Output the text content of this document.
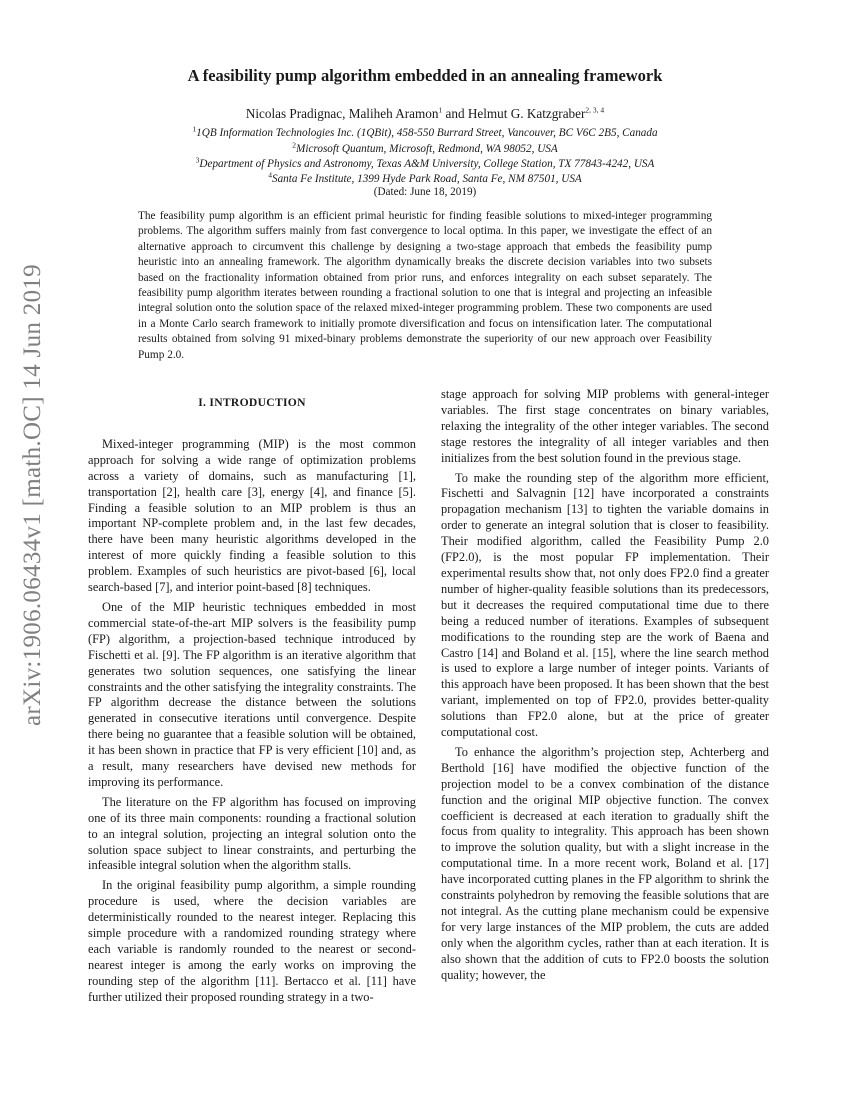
arXiv:1906.06434v1 [math.OC] 14 Jun 2019
A feasibility pump algorithm embedded in an annealing framework
Nicolas Pradignac, Maliheh Aramon$^1$ and Helmut G. Katzgraber$^{2, 3, 4}$
$^1$1QB Information Technologies Inc. (1QBit), 458-550 Burrard Street, Vancouver, BC V6C 2B5, Canada
$^2$Microsoft Quantum, Microsoft, Redmond, WA 98052, USA
$^3$Department of Physics and Astronomy, Texas A&M University, College Station, TX 77843-4242, USA
$^4$Santa Fe Institute, 1399 Hyde Park Road, Santa Fe, NM 87501, USA
(Dated: June 18, 2019)
The feasibility pump algorithm is an efficient primal heuristic for finding feasible solutions to mixed-integer programming problems. The algorithm suffers mainly from fast convergence to local optima. In this paper, we investigate the effect of an alternative approach to circumvent this challenge by designing a two-stage approach that embeds the feasibility pump heuristic into an annealing framework. The algorithm dynamically breaks the discrete decision variables into two subsets based on the fractionality information obtained from prior runs, and enforces integrality on each subset separately. The feasibility pump algorithm iterates between rounding a fractional solution to one that is integral and projecting an infeasible integral solution onto the solution space of the relaxed mixed-integer programming problem. These two components are used in a Monte Carlo search framework to initially promote diversification and focus on intensification later. The computational results obtained from solving 91 mixed-binary problems demonstrate the superiority of our new approach over Feasibility Pump 2.0.
I. INTRODUCTION

Mixed-integer programming (MIP) is the most common approach for solving a wide range of optimization problems across a variety of domains, such as manufacturing [1], transportation [2], health care [3], energy [4], and finance [5]. Finding a feasible solution to an MIP problem is thus an important NP-complete problem and, in the last few decades, there have been many heuristic algorithms developed in the interest of more quickly finding a feasible solution to this problem. Examples of such heuristics are pivot-based [6], local search-based [7], and interior point-based [8] techniques.

One of the MIP heuristic techniques embedded in most commercial state-of-the-art MIP solvers is the feasibility pump (FP) algorithm, a projection-based technique introduced by Fischetti et al. [9]. The FP algorithm is an iterative algorithm that generates two solution sequences, one satisfying the linear constraints and the other satisfying the integrality constraints. The FP algorithm decrease the distance between the solutions generated in consecutive iterations until convergence. Despite there being no guarantee that a feasible solution will be obtained, it has been shown in practice that FP is very efficient [10] and, as a result, many researchers have devised new methods for improving its performance.

The literature on the FP algorithm has focused on improving one of its three main components: rounding a fractional solution to an integral solution, projecting an integral solution onto the solution space subject to linear constraints, and perturbing the infeasible integral solution when the algorithm stalls.

In the original feasibility pump algorithm, a simple rounding procedure is used, where the decision variables are deterministically rounded to the nearest integer. Replacing this simple procedure with a randomized rounding strategy where each variable is randomly rounded to the nearest or second-nearest integer is among the early works on improving the rounding step of the algorithm [11]. Bertacco et al. [11] have further utilized their proposed rounding strategy in a two-

stage approach for solving MIP problems with general-integer variables. The first stage concentrates on binary variables, relaxing the integrality of the other integer variables. The second stage restores the integrality of all integer variables and then initializes from the best solution found in the previous stage.

To make the rounding step of the algorithm more efficient, Fischetti and Salvagnin [12] have incorporated a constraints propagation mechanism [13] to tighten the variable domains in order to generate an integral solution that is closer to feasibility. Their modified algorithm, called the Feasibility Pump 2.0 (FP2.0), is the most popular FP implementation. Their experimental results show that, not only does FP2.0 find a greater number of higher-quality feasible solutions than its predecessors, but it decreases the required computational time due to there being a reduced number of iterations. Examples of subsequent modifications to the rounding step are the work of Baena and Castro [14] and Boland et al. [15], where the line search method is used to explore a large number of integer points. Variants of this approach have been proposed. It has been shown that the best variant, implemented on top of FP2.0, provides better-quality solutions than FP2.0 alone, but at the price of greater computational cost.

To enhance the algorithm’s projection step, Achterberg and Berthold [16] have modified the objective function of the projection model to be a convex combination of the distance function and the original MIP objective function. The convex coefficient is decreased at each iteration to gradually shift the focus from quality to integrality. This approach has been shown to improve the solution quality, but with a slight increase in the computational time. In a more recent work, Boland et al. [17] have incorporated cutting planes in the FP algorithm to shrink the constraints polyhedron by removing the feasible solutions that are not integral. As the cutting plane mechanism could be expensive for very large instances of the MIP problem, the cuts are added only when the algorithm cycles, rather than at each iteration. It is also shown that the addition of cuts to FP2.0 boosts the solution quality; however, the
